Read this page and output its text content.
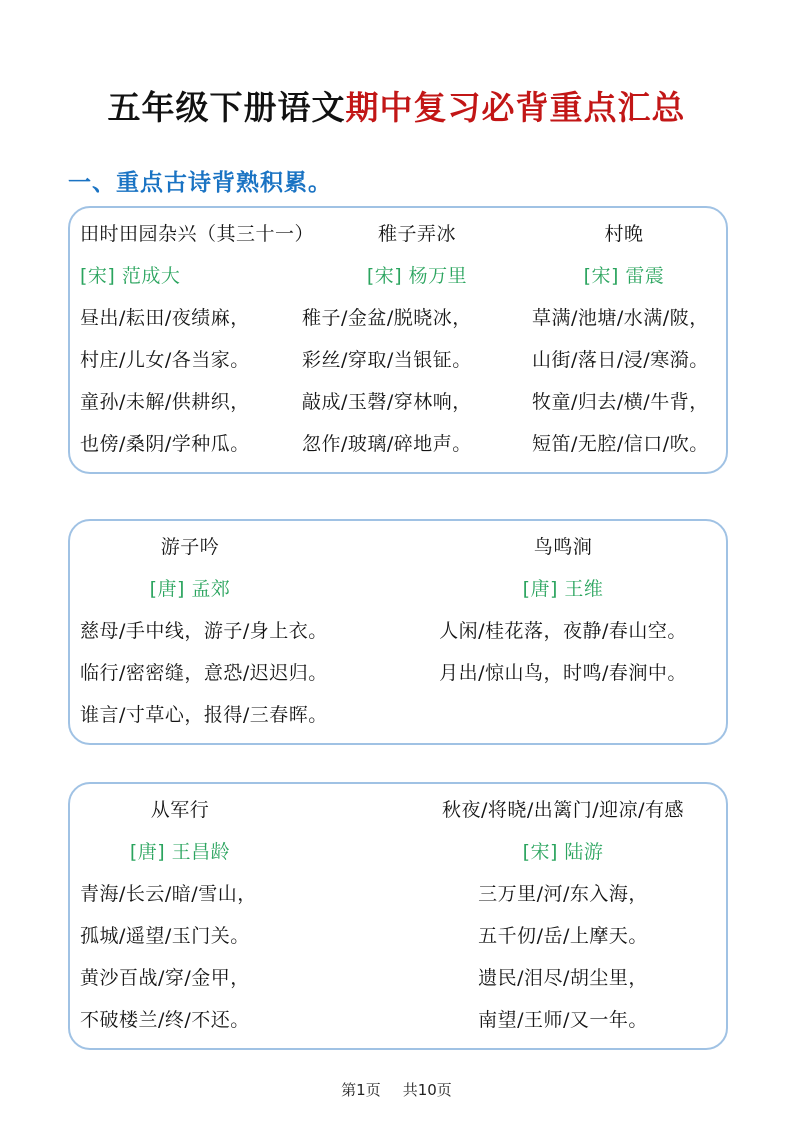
五年级下册语文期中复习必背重点汇总
一、重点古诗背熟积累。
田时田园杂兴（其三十一）
[宋] 范成大
昼出/耘田/夜绩麻，
村庄/儿女/各当家。
童孙/未解/供耕织，
也傍/桑阴/学种瓜。
稚子弄冰
[宋] 杨万里
稚子/金盆/脱晓冰，
彩丝/穿取/当银钲。
敲成/玉磬/穿林响，
忽作/玻璃/碎地声。
村晚
[宋] 雷震
草满/池塘/水满/陂，
山街/落日/浸/寒漪。
牧童/归去/横/牛背，
短笛/无腔/信口/吹。
游子吟
[唐] 孟郊
慈母/手中线，游子/身上衣。
临行/密密缝，意恐/迟迟归。
谁言/寸草心，报得/三春晖。
鸟鸣涧
[唐] 王维
人闲/桂花落，夜静/春山空。
月出/惊山鸟，时鸣/春涧中。
从军行
[唐] 王昌龄
青海/长云/暗/雪山，
孤城/遥望/玉门关。
黄沙百战/穿/金甲，
不破楼兰/终/不还。
秋夜/将晓/出篱门/迎凉/有感
[宋] 陆游
三万里/河/东入海，
五千仞/岳/上摩天。
遗民/泪尽/胡尘里，
南望/王师/又一年。
第1页 共10页
